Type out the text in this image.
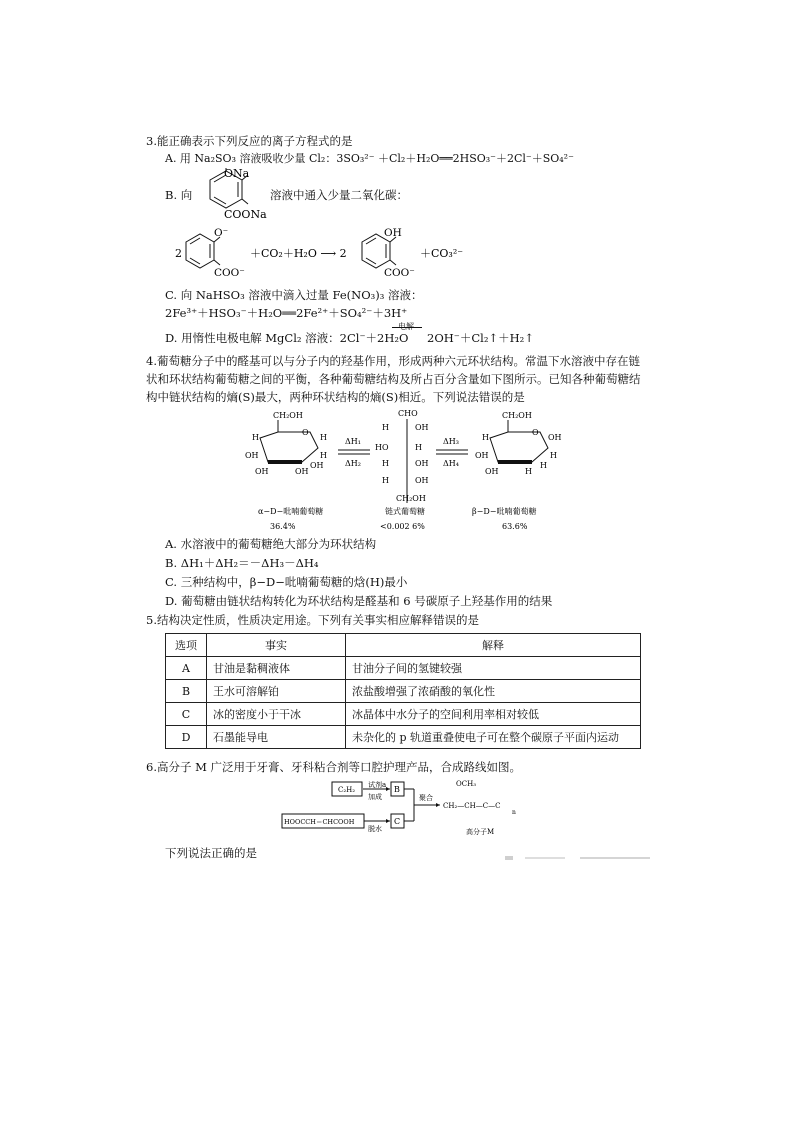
3.能正确表示下列反应的离子方程式的是
A. 用 Na₂SO₃ 溶液吸收少量 Cl₂：3SO₃²⁻ ＋Cl₂＋H₂O══2HSO₃⁻＋2Cl⁻＋SO₄²⁻
B. 向
ONa
COONa
溶液中通入少量二氧化碳：
2
O⁻
COO⁻
＋CO₂＋H₂O ⟶ 2
OH
COO⁻
＋CO₃²⁻
C. 向 NaHSO₃ 溶液中滴入过量 Fe(NO₃)₃ 溶液：
2Fe³⁺＋HSO₃⁻＋H₂O══2Fe²⁺＋SO₄²⁻＋3H⁺
D. 用惰性电极电解 MgCl₂ 溶液：2Cl⁻＋2H₂O
电解
2OH⁻＋Cl₂↑＋H₂↑
4.葡萄糖分子中的醛基可以与分子内的羟基作用，形成两种六元环状结构。常温下水溶液中存在链状和环状结构葡萄糖之间的平衡，各种葡萄糖结构及所占百分含量如下图所示。已知各种葡萄糖结构中链状结构的熵(S)最大，两种环状结构的熵(S)相近。下列说法错误的是
CH₂OH
O
H	H
OH	H
OH	OH
OH
ΔH₁
ΔH₂
CHO
H	OH
HO	H
H	OH
H	OH
CH₂OH
ΔH₃
ΔH₄
CH₂OH
O
H	OH
OH	H
OH	H
H
α−D−吡喃葡萄糖
36.4%
链式葡萄糖
<0.002 6%
β−D−吡喃葡萄糖
63.6%
A. 水溶液中的葡萄糖绝大部分为环状结构
B. ΔH₁＋ΔH₂＝－ΔH₃－ΔH₄
C. 三种结构中，β−D−吡喃葡萄糖的焓(H)最小
D. 葡萄糖由链状结构转化为环状结构是醛基和 6 号碳原子上羟基作用的结果
5.结构决定性质，性质决定用途。下列有关事实相应解释错误的是
选项	事实	解释
A	甘油是黏稠液体	甘油分子间的氢键较强
B	王水可溶解铂	浓盐酸增强了浓硝酸的氧化性
C	冰的密度小于干冰	冰晶体中水分子的空间利用率相对较低
D	石墨能导电	未杂化的 p 轨道重叠使电子可在整个碳原子平面内运动
6.高分子 M 广泛用于牙膏、牙科粘合剂等口腔护理产品，合成路线如图。
C₂H₂
试剂a
加成
B
HOOCCH＝CHCOOH
脱水
C
聚合
OCH₃
CH₂—CH—C—C
n
高分子M
下列说法正确的是
